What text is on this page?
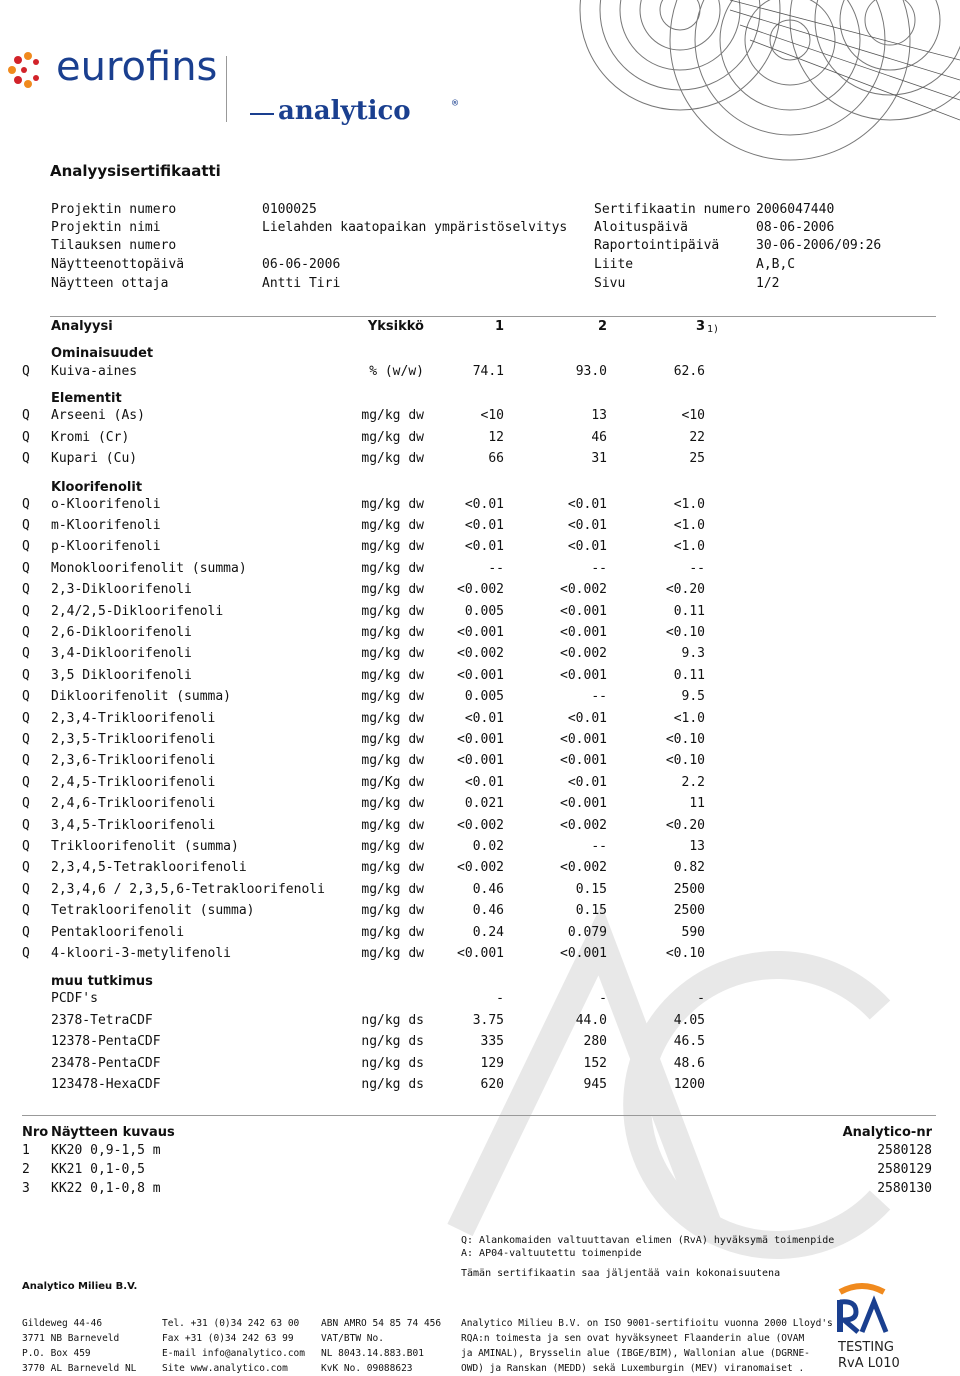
eurofins
analytico	®
Analyysisertifikaatti
Projektin numero	0100025
Projektin nimi	Lielahden kaatopaikan ympäristöselvitys
Tilauksen numero
Näytteenottopäivä	06-06-2006
Näytteen ottaja	Antti Tiri
Sertifikaatin numero 2006047440
Aloituspäivä	08-06-2006
Raportointipäivä	30-06-2006/09:26
Liite	A,B,C
Sivu	1/2
Analyysi	Yksikkö	1	2	3 1)
Ominaisuudet
Q Kuiva-aines	% (w/w)	74.1	93.0	62.6
Elementit
Q Arseeni (As)	mg/kg dw	<10	13	<10
Q Kromi (Cr)	mg/kg dw	12	46	22
Q Kupari (Cu)	mg/kg dw	66	31	25
Kloorifenolit
Q o-Kloorifenoli	mg/kg dw	<0.01	<0.01	<1.0
Q m-Kloorifenoli	mg/kg dw	<0.01	<0.01	<1.0
Q p-Kloorifenoli	mg/kg dw	<0.01	<0.01	<1.0
Q Monokloorifenolit (summa)	mg/kg dw	--	--	--
Q 2,3-Dikloorifenoli	mg/kg dw	<0.002	<0.002	<0.20
Q 2,4/2,5-Dikloorifenoli	mg/kg dw	0.005	<0.001	0.11
Q 2,6-Dikloorifenoli	mg/kg dw	<0.001	<0.001	<0.10
Q 3,4-Dikloorifenoli	mg/kg dw	<0.002	<0.002	9.3
Q 3,5 Dikloorifenoli	mg/kg dw	<0.001	<0.001	0.11
Q Dikloorifenolit (summa)	mg/kg dw	0.005	--	9.5
Q 2,3,4-Trikloorifenoli	mg/kg dw	<0.01	<0.01	<1.0
Q 2,3,5-Trikloorifenoli	mg/kg dw	<0.001	<0.001	<0.10
Q 2,3,6-Trikloorifenoli	mg/kg dw	<0.001	<0.001	<0.10
Q 2,4,5-Trikloorifenoli	mg/Kg dw	<0.01	<0.01	2.2
Q 2,4,6-Trikloorifenoli	mg/kg dw	0.021	<0.001	11
Q 3,4,5-Trikloorifenoli	mg/kg dw	<0.002	<0.002	<0.20
Q Trikloorifenolit (summa)	mg/kg dw	0.02	--	13
Q 2,3,4,5-Tetrakloorifenoli	mg/kg dw	<0.002	<0.002	0.82
Q 2,3,4,6 / 2,3,5,6-Tetrakloorifenoli	mg/kg dw	0.46	0.15	2500
Q Tetrakloorifenolit (summa)	mg/kg dw	0.46	0.15	2500
Q Pentakloorifenoli	mg/kg dw	0.24	0.079	590
Q 4-kloori-3-metylifenoli	mg/kg dw	<0.001	<0.001	<0.10
muu tutkimus
PCDF's	-	-	-
2378-TetraCDF	ng/kg ds	3.75	44.0	4.05
12378-PentaCDF	ng/kg ds	335	280	46.5
23478-PentaCDF	ng/kg ds	129	152	48.6
123478-HexaCDF	ng/kg ds	620	945	1200
Nro Näytteen kuvaus	Analytico-nr
1 KK20 0,9-1,5 m	2580128
2 KK21 0,1-0,5	2580129
3 KK22 0,1-0,8 m	2580130
Q: Alankomaiden valtuuttavan elimen (RvA) hyväksymä toimenpide
A: AP04-valtuutettu toimenpide
Tämän sertifikaatin saa jäljentää vain kokonaisuutena
Analytico Milieu B.V.
Gildeweg 44-46
3771 NB Barneveld
P.O. Box 459
3770 AL Barneveld NL
Tel. +31 (0)34 242 63 00
Fax +31 (0)34 242 63 99
E-mail info@analytico.com
Site www.analytico.com
ABN AMRO 54 85 74 456
VAT/BTW No.
NL 8043.14.883.B01
KvK No. 09088623
Analytico Milieu B.V. on ISO 9001-sertifioitu vuonna 2000 Lloyd's
RQA:n toimesta ja sen ovat hyväksyneet Flaanderin alue (OVAM
ja AMINAL), Brysselin alue (IBGE/BIM), Wallonian alue (DGRNE-
OWD) ja Ranskan (MEDD) sekä Luxemburgin (MEV) viranomaiset .
TESTING
RvA L010
